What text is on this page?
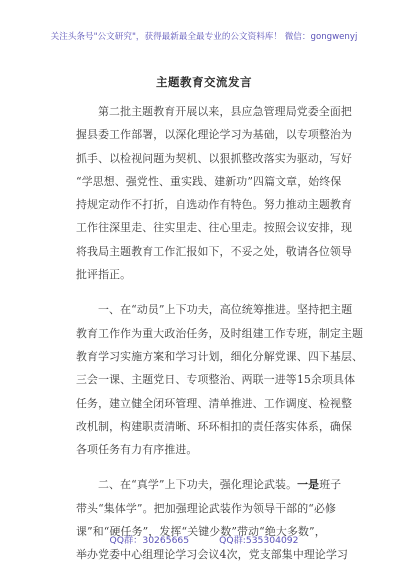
关注头条号"公文研究"，获得最新最全最专业的公文资料库！ 微信：gongwenyj
主题教育交流发言
第二批主题教育开展以来，县应急管理局党委全面把
握县委工作部署，以深化理论学习为基础，以专项整治为
抓手、以检视问题为契机、以狠抓整改落实为驱动，写好
“学思想、强党性、重实践、建新功”四篇文章，始终保
持规定动作不打折，自选动作有特色。努力推动主题教育
工作往深里走、往实里走、往心里走。按照会议安排，现
将我局主题教育工作汇报如下，不妥之处，敬请各位领导
批评指正。
一、在“动员”上下功夫，高位统筹推进。坚持把主题
教育工作作为重大政治任务，及时组建工作专班，制定主题
教育学习实施方案和学习计划，细化分解党课、四下基层、
三会一课、主题党日、专项整治、两联一进等15余项具体
任务，建立健全闭环管理、清单推进、工作调度、检视整
改机制，构建职责清晰、环环相扣的责任落实体系，确保
各项任务有力有序推进。
二、在“真学”上下功夫，强化理论武装。一是班子
带头“集体学”。把加强理论武装作为领导干部的“必修
课”和“硬任务”，发挥“关键少数”带动“绝大多数”，
举办党委中心组理论学习会议4次，党支部集中理论学习
QQ群：30265665	QQ群:535304092
